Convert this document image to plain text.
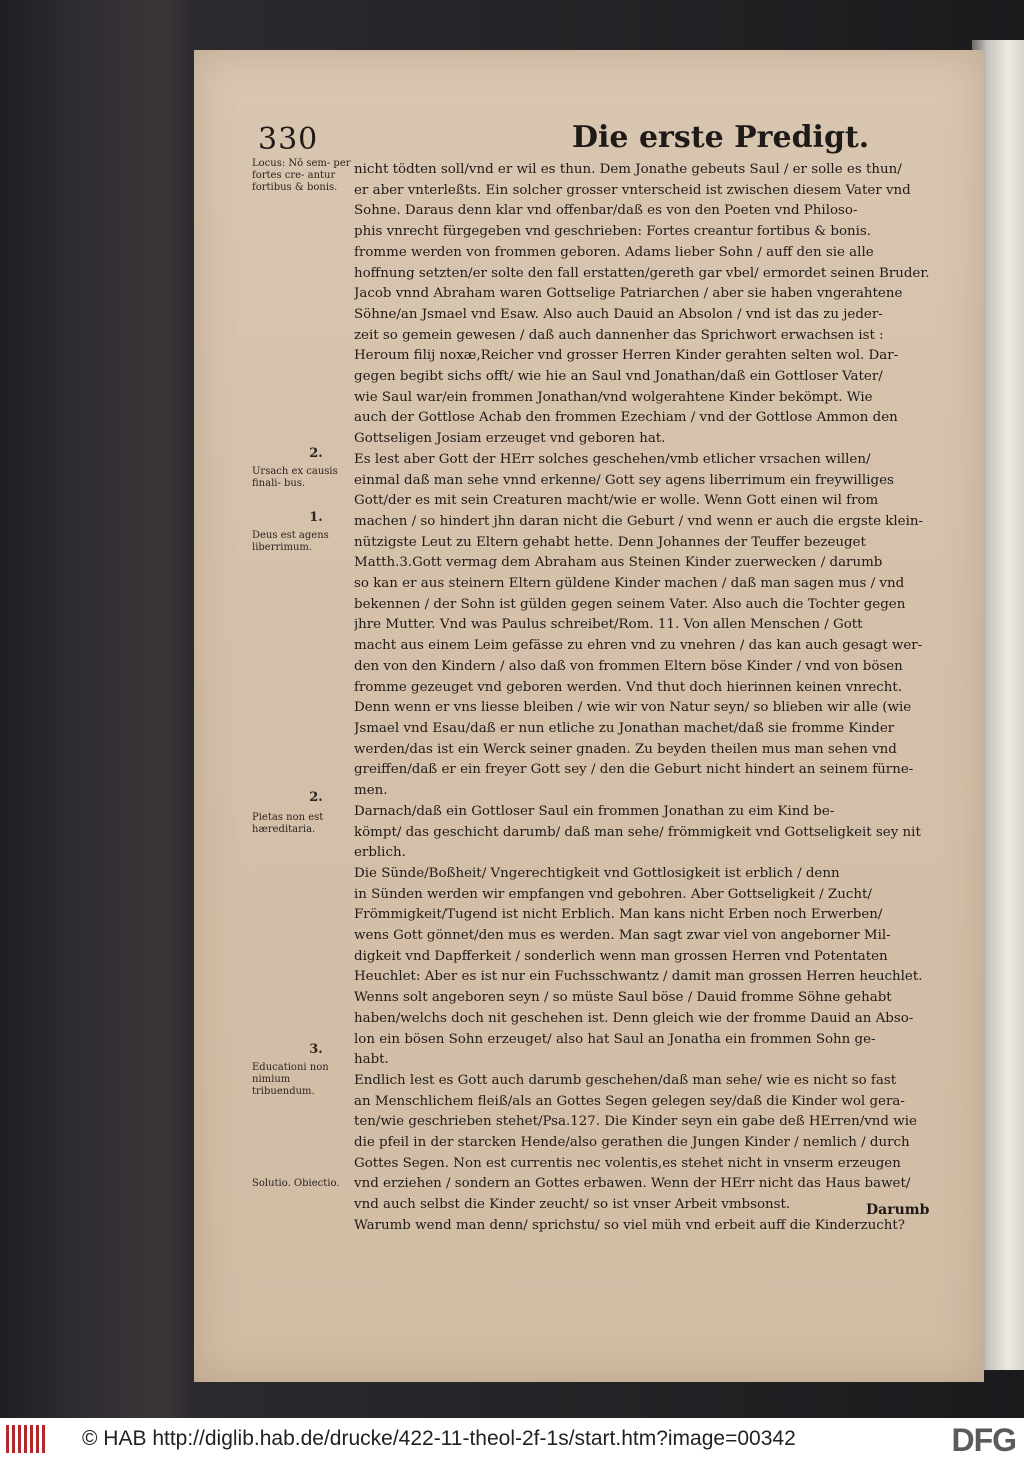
330	Die erste Predigt.
Locus: Nō sem- per fortes cre- antur fortibus & bonis.
2.
Ursach ex causis finali- bus.
1.
Deus est agens liberrimum.
2.
Pietas non est hæreditaria.
3.
Educationi non nimium tribuendum.
Solutio. Obiectio.
nicht tödten soll/vnd er wil es thun. Dem Jonathe gebeuts Saul / er solle es thun/
er aber vnterleßts. Ein solcher grosser vnterscheid ist zwischen diesem Vater vnd
Sohne. Daraus denn klar vnd offenbar/daß es von den Poeten vnd Philoso-
phis vnrecht fürgegeben vnd geschrieben: Fortes creantur fortibus & bonis.
fromme werden von frommen geboren. Adams lieber Sohn / auff den sie alle
hoffnung setzten/er solte den fall erstatten/gereth gar vbel/ ermordet seinen Bruder.
Jacob vnnd Abraham waren Gottselige Patriarchen / aber sie haben vngerahtene
Söhne/an Jsmael vnd Esaw. Also auch Dauid an Absolon / vnd ist das zu jeder-
zeit so gemein gewesen / daß auch dannenher das Sprichwort erwachsen ist :
Heroum filij noxæ,Reicher vnd grosser Herren Kinder gerahten selten wol. Dar-
gegen begibt sichs offt/ wie hie an Saul vnd Jonathan/daß ein Gottloser Vater/
wie Saul war/ein frommen Jonathan/vnd wolgerahtene Kinder bekömpt. Wie
auch der Gottlose Achab den frommen Ezechiam / vnd der Gottlose Ammon den
Gottseligen Josiam erzeuget vnd geboren hat.
Es lest aber Gott der HErr solches geschehen/vmb etlicher vrsachen willen/
einmal daß man sehe vnnd erkenne/ Gott sey agens liberrimum ein freywilliges
Gott/der es mit sein Creaturen macht/wie er wolle. Wenn Gott einen wil from
machen / so hindert jhn daran nicht die Geburt / vnd wenn er auch die ergste klein-
nützigste Leut zu Eltern gehabt hette. Denn Johannes der Teuffer bezeuget
Matth.3.Gott vermag dem Abraham aus Steinen Kinder zuerwecken / darumb
so kan er aus steinern Eltern güldene Kinder machen / daß man sagen mus / vnd
bekennen / der Sohn ist gülden gegen seinem Vater. Also auch die Tochter gegen
jhre Mutter. Vnd was Paulus schreibet/Rom. 11. Von allen Menschen / Gott
macht aus einem Leim gefässe zu ehren vnd zu vnehren / das kan auch gesagt wer-
den von den Kindern / also daß von frommen Eltern böse Kinder / vnd von bösen
fromme gezeuget vnd geboren werden. Vnd thut doch hierinnen keinen vnrecht.
Denn wenn er vns liesse bleiben / wie wir von Natur seyn/ so blieben wir alle (wie
Jsmael vnd Esau/daß er nun etliche zu Jonathan machet/daß sie fromme Kinder
werden/das ist ein Werck seiner gnaden. Zu beyden theilen mus man sehen vnd
greiffen/daß er ein freyer Gott sey / den die Geburt nicht hindert an seinem fürne-
men.
Darnach/daß ein Gottloser Saul ein frommen Jonathan zu eim Kind be-
kömpt/ das geschicht darumb/ daß man sehe/ frömmigkeit vnd Gottseligkeit sey nit
erblich.
Die Sünde/Boßheit/ Vngerechtigkeit vnd Gottlosigkeit ist erblich / denn
in Sünden werden wir empfangen vnd gebohren. Aber Gottseligkeit / Zucht/
Frömmigkeit/Tugend ist nicht Erblich. Man kans nicht Erben noch Erwerben/
wens Gott gönnet/den mus es werden. Man sagt zwar viel von angeborner Mil-
digkeit vnd Dapfferkeit / sonderlich wenn man grossen Herren vnd Potentaten
Heuchlet: Aber es ist nur ein Fuchsschwantz / damit man grossen Herren heuchlet.
Wenns solt angeboren seyn / so müste Saul böse / Dauid fromme Söhne gehabt
haben/welchs doch nit geschehen ist. Denn gleich wie der fromme Dauid an Abso-
lon ein bösen Sohn erzeuget/ also hat Saul an Jonatha ein frommen Sohn ge-
habt.
Endlich lest es Gott auch darumb geschehen/daß man sehe/ wie es nicht so fast
an Menschlichem fleiß/als an Gottes Segen gelegen sey/daß die Kinder wol gera-
ten/wie geschrieben stehet/Psa.127. Die Kinder seyn ein gabe deß HErren/vnd wie
die pfeil in der starcken Hende/also gerathen die Jungen Kinder / nemlich / durch
Gottes Segen. Non est currentis nec volentis,es stehet nicht in vnserm erzeugen
vnd erziehen / sondern an Gottes erbawen. Wenn der HErr nicht das Haus bawet/
vnd auch selbst die Kinder zeucht/ so ist vnser Arbeit vmbsonst.
Warumb wend man denn/ sprichstu/ so viel müh vnd erbeit auff die Kinderzucht?
Darumb
© HAB http://diglib.hab.de/drucke/422-11-theol-2f-1s/start.htm?image=00342	DFG
